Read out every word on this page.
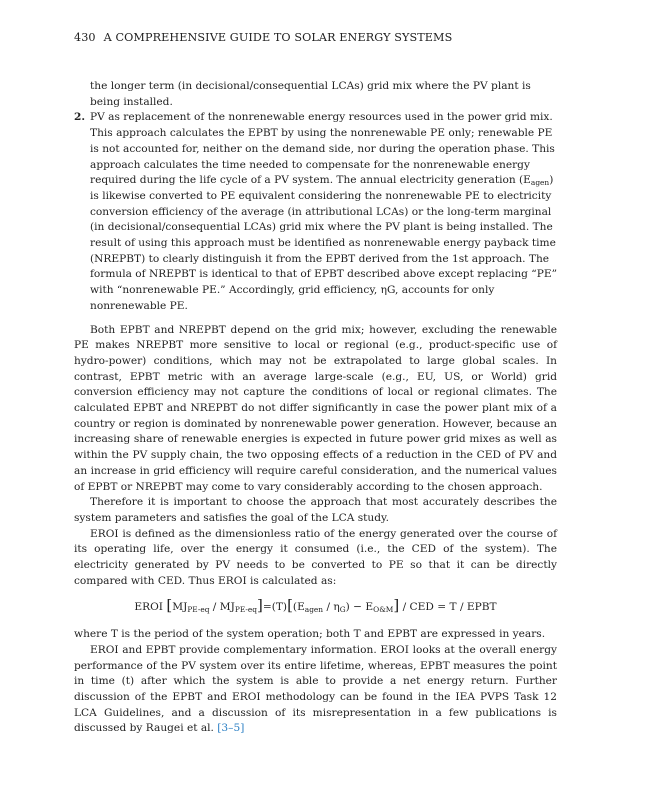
430 A COMPREHENSIVE GUIDE TO SOLAR ENERGY SYSTEMS

the longer term (in decisional/consequential LCAs) grid mix where the PV plant is being installed.

2. PV as replacement of the nonrenewable energy resources used in the power grid mix. This approach calculates the EPBT by using the nonrenewable PE only; renewable PE is not accounted for, neither on the demand side, nor during the operation phase. This approach calculates the time needed to compensate for the nonrenewable energy required during the life cycle of a PV system. The annual electricity generation $(E_{agen})$ is likewise converted to PE equivalent considering the nonrenewable PE to electricity conversion efficiency of the average (in attributional LCAs) or the long-term marginal (in decisional/consequential LCAs) grid mix where the PV plant is being installed. The result of using this approach must be identified as nonrenewable energy payback time (NREPBT) to clearly distinguish it from the EPBT derived from the 1st approach. The formula of NREPBT is identical to that of EPBT described above except replacing “PE” with “nonrenewable PE.” Accordingly, grid efficiency, ηG, accounts for only nonrenewable PE.

Both EPBT and NREPBT depend on the grid mix; however, excluding the renewable PE makes NREPBT more sensitive to local or regional (e.g., product-specific use of hydro-power) conditions, which may not be extrapolated to large global scales. In contrast, EPBT metric with an average large-scale (e.g., EU, US, or World) grid conversion efficiency may not capture the conditions of local or regional climates. The calculated EPBT and NREPBT do not differ significantly in case the power plant mix of a country or region is dominated by nonrenewable power generation. However, because an increasing share of renewable energies is expected in future power grid mixes as well as within the PV supply chain, the two opposing effects of a reduction in the CED of PV and an increase in grid efficiency will require careful consideration, and the numerical values of EPBT or NREPBT may come to vary considerably according to the chosen approach.

Therefore it is important to choose the approach that most accurately describes the system parameters and satisfies the goal of the LCA study.

EROI is defined as the dimensionless ratio of the energy generated over the course of its operating life, over the energy it consumed (i.e., the CED of the system). The electricity generated by PV needs to be converted to PE so that it can be directly compared with CED. Thus EROI is calculated as:

EROI $[MJ_{PE-eq} / MJ_{PE-eq}]=(T)[(E_{agen} / \eta_G) - E_{O\&M}]$ / CED = T / EPBT

where T is the period of the system operation; both T and EPBT are expressed in years.

EROI and EPBT provide complementary information. EROI looks at the overall energy performance of the PV system over its entire lifetime, whereas, EPBT measures the point in time (t) after which the system is able to provide a net energy return. Further discussion of the EPBT and EROI methodology can be found in the IEA PVPS Task 12 LCA Guidelines, and a discussion of its misrepresentation in a few publications is discussed by Raugei et al. [3–5]
